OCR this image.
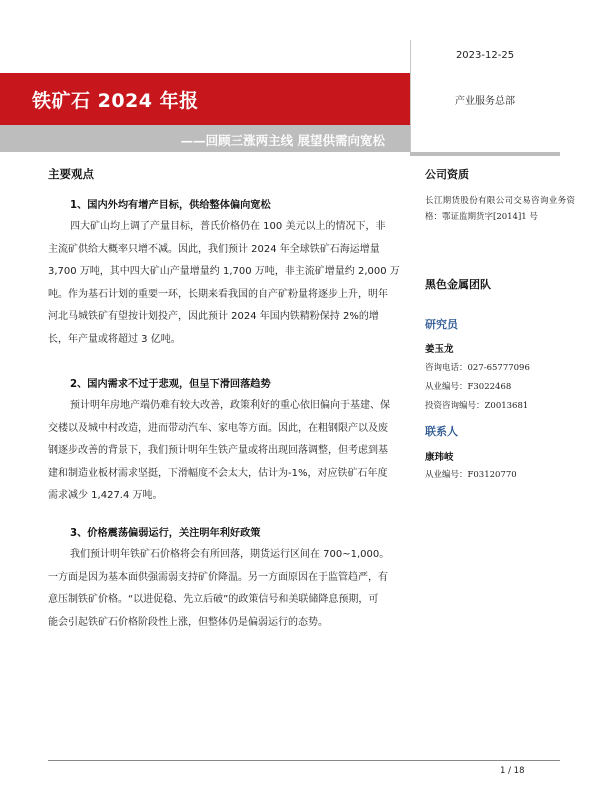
2023-12-25
铁矿石 2024 年报	产业服务总部
——回顾三涨两主线 展望供需向宽松
主要观点
1、国内外均有增产目标，供给整体偏向宽松
四大矿山均上调了产量目标，普氏价格仍在 100 美元以上的情况下，非
主流矿供给大概率只增不减。因此，我们预计 2024 年全球铁矿石海运增量
3,700 万吨，其中四大矿山产量增量约 1,700 万吨，非主流矿增量约 2,000 万
吨。作为基石计划的重要一环，长期来看我国的自产矿粉量将逐步上升，明年
河北马城铁矿有望按计划投产，因此预计 2024 年国内铁精粉保持 2%的增
长，年产量或将超过 3 亿吨。
2、国内需求不过于悲观，但呈下滑回落趋势
预计明年房地产端仍难有较大改善，政策利好的重心依旧偏向于基建、保
交楼以及城中村改造，进而带动汽车、家电等方面。因此，在粗钢限产以及废
钢逐步改善的背景下，我们预计明年生铁产量或将出现回落调整，但考虑到基
建和制造业板材需求坚挺，下滑幅度不会太大，估计为-1%，对应铁矿石年度
需求减少 1,427.4 万吨。
3、价格震荡偏弱运行，关注明年利好政策
我们预计明年铁矿石价格将会有所回落，期货运行区间在 700~1,000。
一方面是因为基本面供强需弱支持矿价降温。另一方面原因在于监管趋严，有
意压制铁矿价格。“以进促稳、先立后破”的政策信号和美联储降息预期，可
能会引起铁矿石价格阶段性上涨，但整体仍是偏弱运行的态势。
公司资质
长江期货股份有限公司交易咨询业务资格：鄂证监期货字[2014]1 号
黑色金属团队
研究员
姜玉龙
咨询电话：027-65777096
从业编号：F3022468
投资咨询编号：Z0013681
联系人
康玮岐
从业编号：F03120770
1 / 18
